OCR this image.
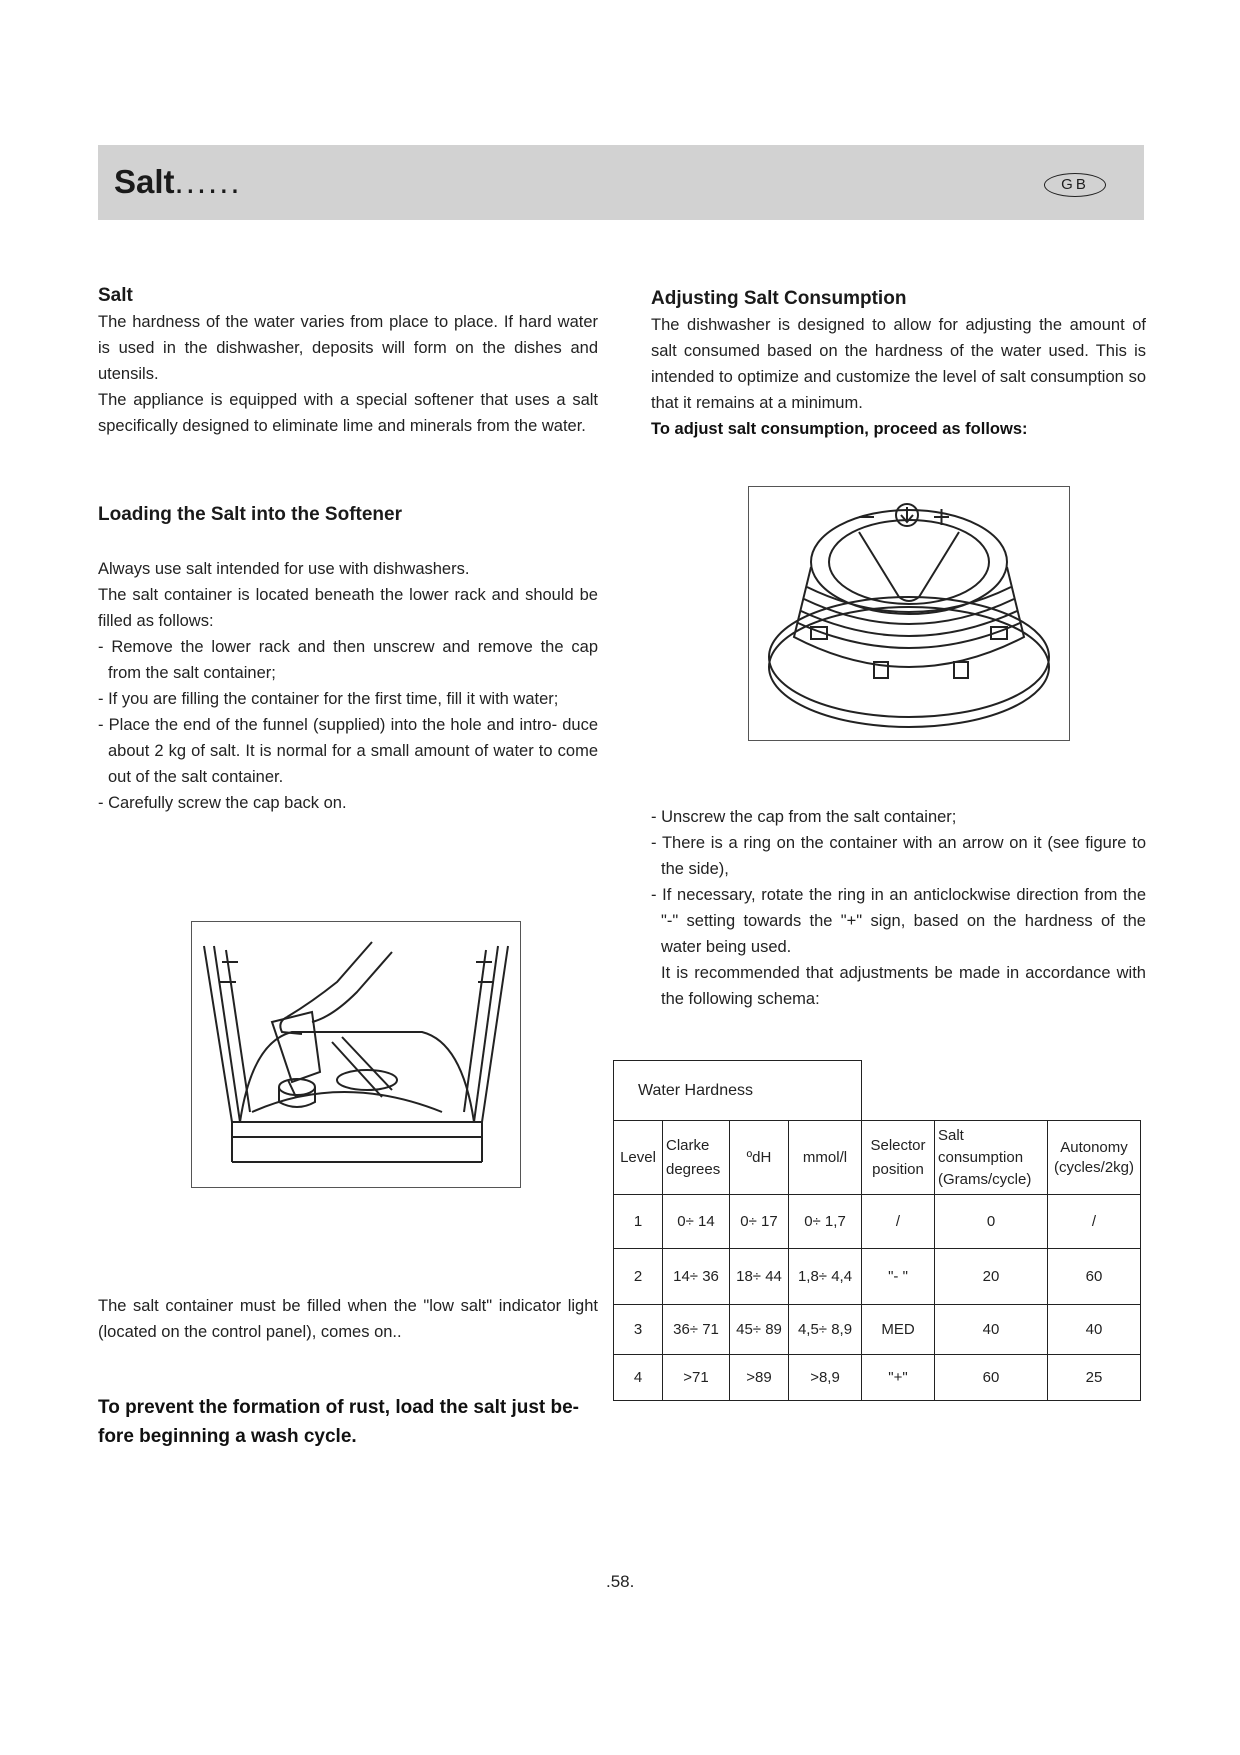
Salt......	GB
Salt

The hardness of the water varies from place to place. If hard water is used in the dishwasher, deposits will form on the dishes and utensils.

The appliance is equipped with a special softener that uses a salt specifically designed to eliminate lime and minerals from the water.

Loading the Salt into the Softener

Always use salt intended for use with dishwashers.

The salt container is located beneath the lower rack and should be filled as follows:

- Remove the lower rack and then unscrew and remove the cap from the salt container;

- If you are filling the container for the first time, fill it with water;

- Place the end of the funnel (supplied) into the hole and intro- duce about 2 kg of salt. It is normal for a small amount of water to come out of the salt container.

- Carefully screw the cap back on.

The salt container must be filled when the "low salt" indicator light (located on the control panel), comes on..

To prevent the formation of rust, load the salt just be- fore beginning a wash cycle.

Adjusting Salt Consumption

The dishwasher is designed to allow for adjusting the amount of salt consumed based on the hardness of the water used. This is intended to optimize and customize the level of salt consumption so that it remains at a minimum.

To adjust salt consumption, proceed as follows:

- Unscrew the cap from the salt container;

- There is a ring on the container with an arrow on it (see figure to the side),

- If necessary, rotate the ring in an anticlockwise direction from the "-" setting towards the "+" sign, based on the hardness of the water being used.

It is recommended that adjustments be made in accordance with the following schema:

Water Hardness						
Level	Clarke degrees	ºdH	mmol/l	Selector position	Salt consumption (Grams/cycle)	Autonomy (cycles/2kg)
1	0÷ 14	0÷ 17	0÷ 1,7	/	0	/
2	14÷ 36	18÷ 44	1,8÷ 4,4	"- "	20	60
3	36÷ 71	45÷ 89	4,5÷ 8,9	MED	40	40
4	>71	>89	>8,9	"+"	60	25
.58.
